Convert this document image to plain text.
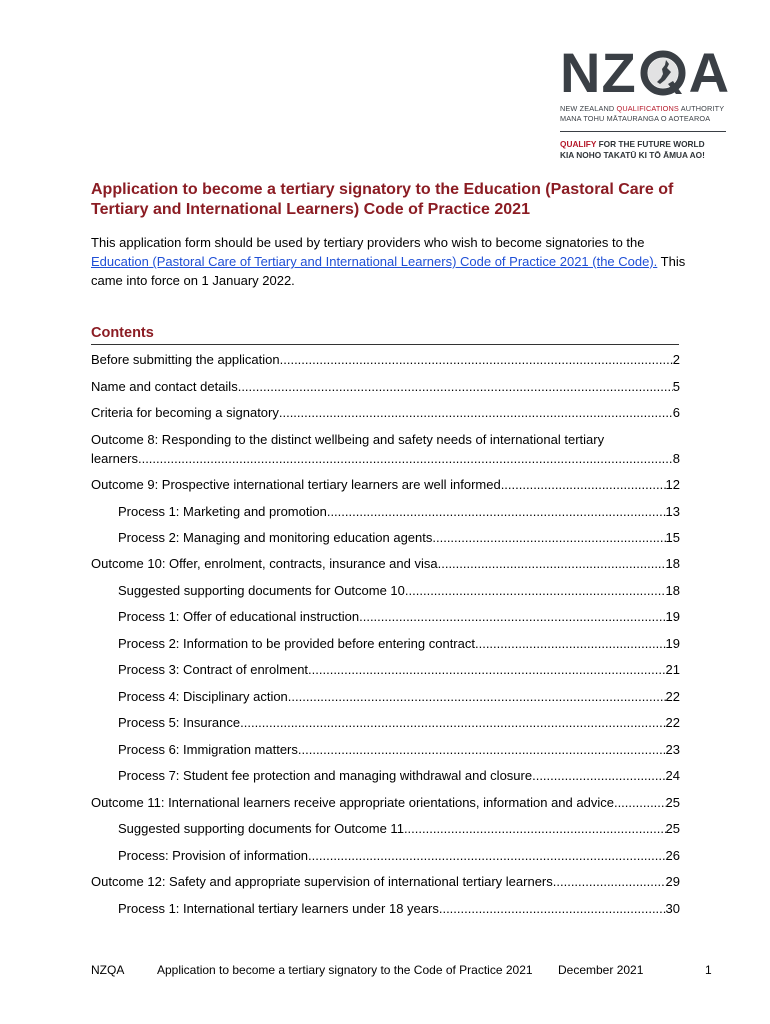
NZ A
NEW ZEALAND QUALIFICATIONS AUTHORITY
MANA TOHU MĀTAURANGA O AOTEAROA
QUALIFY FOR THE FUTURE WORLD
KIA NOHO TAKATŪ KI TŌ ĀMUA AO!
Application to become a tertiary signatory to the Education (Pastoral Care of Tertiary and International Learners) Code of Practice 2021

This application form should be used by tertiary providers who wish to become signatories to the Education (Pastoral Care of Tertiary and International Learners) Code of Practice 2021 (the Code). This came into force on 1 January 2022.

Contents
Before submitting the application .....	2
Name and contact details .....	5
Criteria for becoming a signatory .....	6
Outcome 8: Responding to the distinct wellbeing and safety needs of international tertiary
learners .....	8
Outcome 9: Prospective international tertiary learners are well informed .....	12
Process 1: Marketing and promotion .....	13
Process 2: Managing and monitoring education agents .....	15
Outcome 10: Offer, enrolment, contracts, insurance and visa .....	18
Suggested supporting documents for Outcome 10 .....	18
Process 1: Offer of educational instruction .....	19
Process 2: Information to be provided before entering contract .....	19
Process 3: Contract of enrolment .....	21
Process 4: Disciplinary action .....	22
Process 5: Insurance .....	22
Process 6: Immigration matters .....	23
Process 7: Student fee protection and managing withdrawal and closure .....	24
Outcome 11: International learners receive appropriate orientations, information and advice .....	25
Suggested supporting documents for Outcome 11 .....	25
Process: Provision of information .....	26
Outcome 12: Safety and appropriate supervision of international tertiary learners .....	29
Process 1: International tertiary learners under 18 years .....	30
NZQA	Application to become a tertiary signatory to the Code of Practice 2021 December 2021	1
